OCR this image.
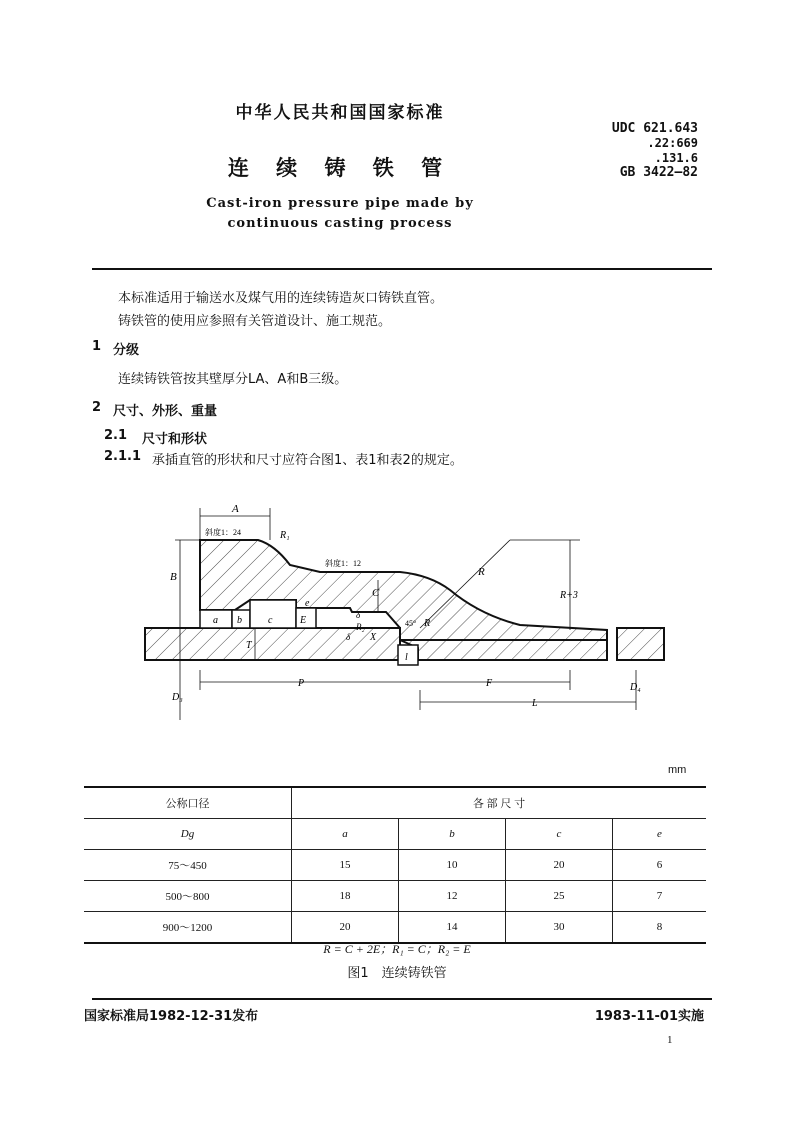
中华人民共和国国家标准
UDC 621.643
.22:669
.131.6
GB 3422—82
连 续 铸 铁 管
Cast-iron pressure pipe made by
continuous casting process
本标准适用于输送水及煤气用的连续铸造灰口铸铁直管。
铸铁管的使用应参照有关管道设计、施工规范。
1 分级
连续铸铁管按其壁厚分LA、A和B三级。
2 尺寸、外形、重量
2.1 尺寸和形状
2.1.1 承插直管的形状和尺寸应符合图1、表1和表2的规定。
A
斜度1：24	R₁
斜度1：12
B
C
R
R+3
a b	c
e
E	δ
R₂	45° R
δ X
T
l
D₃
D₄
P	F
L
mm
公称口径	各 部 尺 寸			
Dg	a	b	c	e
75～450	15	10	20	6
500～800	18	12	25	7
900～1200	20	14	30	8
R = C + 2E；R₁ = C；R₂ = E
图1　连续铸铁管
国家标准局1982-12-31发布	1983-11-01实施
1
